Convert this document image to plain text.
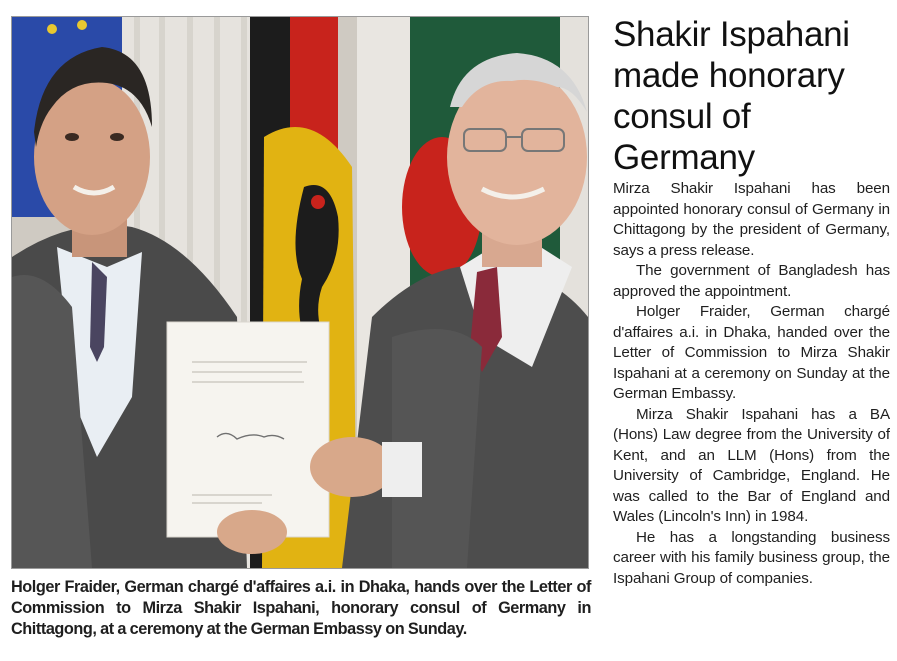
Holger Fraider, German chargé d'affaires a.i. in Dhaka, hands over the Letter of Commission to Mirza Shakir Ispahani, honorary consul of Germany in Chittagong, at a ceremony at the German Embassy on Sunday.
Shakir Ispahani made honorary consul of Germany

Mirza Shakir Ispahani has been appointed honorary consul of Germany in Chittagong by the president of Germany, says a press release.

The government of Bangladesh has approved the appointment.

Holger Fraider, German chargé d'affaires a.i. in Dhaka, handed over the Letter of Commission to Mirza Shakir Ispahani at a ceremony on Sunday at the German Embassy.

Mirza Shakir Ispahani has a BA (Hons) Law degree from the University of Kent, and an LLM (Hons) from the University of Cambridge, England. He was called to the Bar of England and Wales (Lincoln's Inn) in 1984.

He has a longstanding business career with his family business group, the Ispahani Group of companies.
